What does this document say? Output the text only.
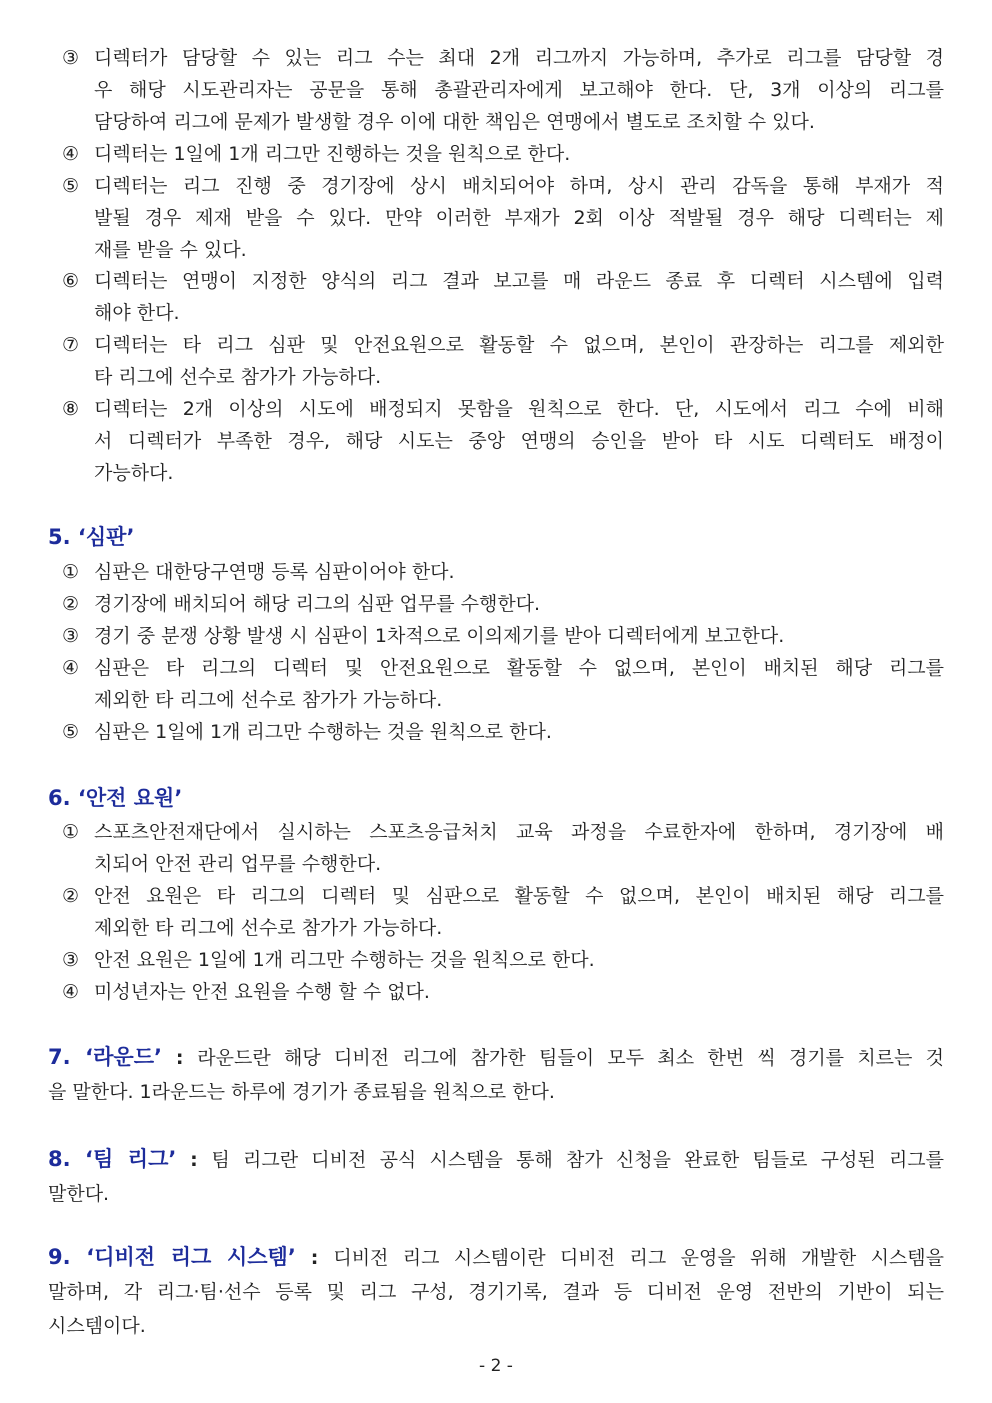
③ 디렉터가 담당할 수 있는 리그 수는 최대 2개 리그까지 가능하며, 추가로 리그를 담당할 경
우 해당 시도관리자는 공문을 통해 총괄관리자에게 보고해야 한다. 단, 3개 이상의 리그를
담당하여 리그에 문제가 발생할 경우 이에 대한 책임은 연맹에서 별도로 조치할 수 있다.
④ 디렉터는 1일에 1개 리그만 진행하는 것을 원칙으로 한다.
⑤ 디렉터는 리그 진행 중 경기장에 상시 배치되어야 하며, 상시 관리 감독을 통해 부재가 적
발될 경우 제재 받을 수 있다. 만약 이러한 부재가 2회 이상 적발될 경우 해당 디렉터는 제
재를 받을 수 있다.
⑥ 디렉터는 연맹이 지정한 양식의 리그 결과 보고를 매 라운드 종료 후 디렉터 시스템에 입력
해야 한다.
⑦ 디렉터는 타 리그 심판 및 안전요원으로 활동할 수 없으며, 본인이 관장하는 리그를 제외한
타 리그에 선수로 참가가 가능하다.
⑧ 디렉터는 2개 이상의 시도에 배정되지 못함을 원칙으로 한다. 단, 시도에서 리그 수에 비해
서 디렉터가 부족한 경우, 해당 시도는 중앙 연맹의 승인을 받아 타 시도 디렉터도 배정이
가능하다.
5. ‘심판’
① 심판은 대한당구연맹 등록 심판이어야 한다.
② 경기장에 배치되어 해당 리그의 심판 업무를 수행한다.
③ 경기 중 분쟁 상황 발생 시 심판이 1차적으로 이의제기를 받아 디렉터에게 보고한다.
④ 심판은 타 리그의 디렉터 및 안전요원으로 활동할 수 없으며, 본인이 배치된 해당 리그를
제외한 타 리그에 선수로 참가가 가능하다.
⑤ 심판은 1일에 1개 리그만 수행하는 것을 원칙으로 한다.
6. ‘안전 요원’
① 스포츠안전재단에서 실시하는 스포츠응급처치 교육 과정을 수료한자에 한하며, 경기장에 배
치되어 안전 관리 업무를 수행한다.
② 안전 요원은 타 리그의 디렉터 및 심판으로 활동할 수 없으며, 본인이 배치된 해당 리그를
제외한 타 리그에 선수로 참가가 가능하다.
③ 안전 요원은 1일에 1개 리그만 수행하는 것을 원칙으로 한다.
④ 미성년자는 안전 요원을 수행 할 수 없다.
7. ‘라운드’ : 라운드란 해당 디비전 리그에 참가한 팀들이 모두 최소 한번 씩 경기를 치르는 것
을 말한다. 1라운드는 하루에 경기가 종료됨을 원칙으로 한다.
8. ‘팀 리그’ : 팀 리그란 디비전 공식 시스템을 통해 참가 신청을 완료한 팀들로 구성된 리그를
말한다.
9. ‘디비전 리그 시스템’ : 디비전 리그 시스템이란 디비전 리그 운영을 위해 개발한 시스템을
말하며, 각 리그·팀·선수 등록 및 리그 구성, 경기기록, 결과 등 디비전 운영 전반의 기반이 되는
시스템이다.
- 2 -
